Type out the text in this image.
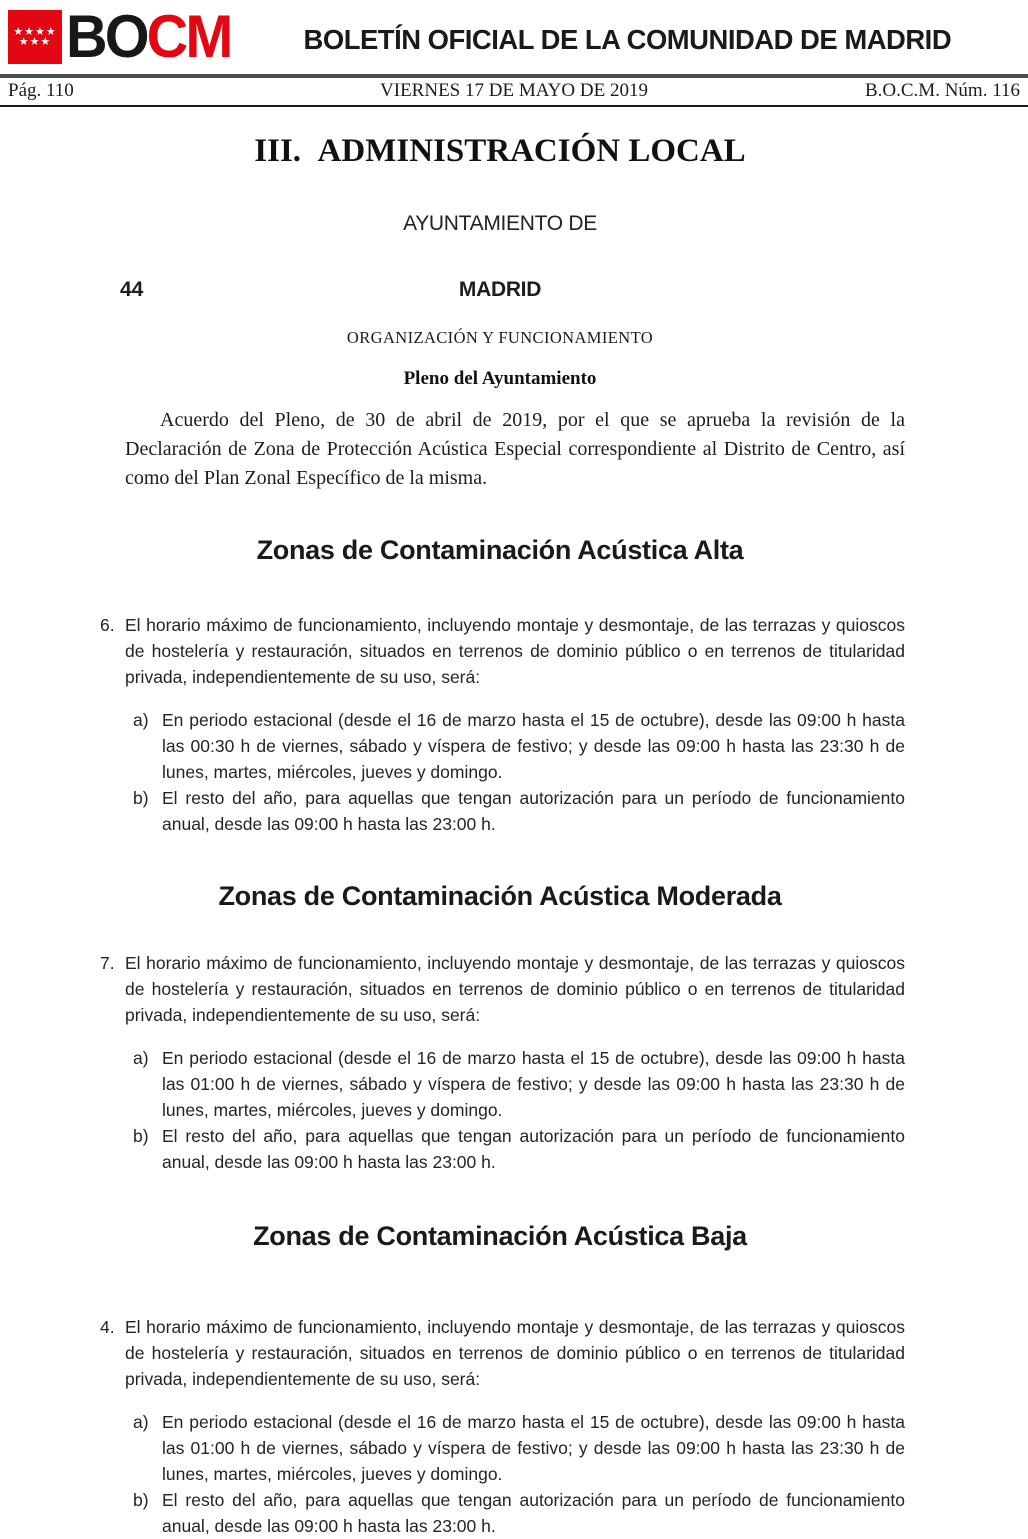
★★★★
★★★ BOCM	BOLETÍN OFICIAL DE LA COMUNIDAD DE MADRID
Pág. 110	VIERNES 17 DE MAYO DE 2019	B.O.C.M. Núm. 116
III. ADMINISTRACIÓN LOCAL
AYUNTAMIENTO DE
44	MADRID
ORGANIZACIÓN Y FUNCIONAMIENTO
Pleno del Ayuntamiento

Acuerdo del Pleno, de 30 de abril de 2019, por el que se aprueba la revisión de la Declaración de Zona de Protección Acústica Especial correspondiente al Distrito de Centro, así como del Plan Zonal Específico de la misma.

Zonas de Contaminación Acústica Alta
6. El horario máximo de funcionamiento, incluyendo montaje y desmontaje, de las terrazas y quioscos de hostelería y restauración, situados en terrenos de dominio público o en terrenos de titularidad privada, independientemente de su uso, será:

a) En periodo estacional (desde el 16 de marzo hasta el 15 de octubre), desde las 09:00 h hasta las 00:30 h de viernes, sábado y víspera de festivo; y desde las 09:00 h hasta las 23:30 h de lunes, martes, miércoles, jueves y domingo.

b) El resto del año, para aquellas que tengan autorización para un período de funcionamiento anual, desde las 09:00 h hasta las 23:00 h.

Zonas de Contaminación Acústica Moderada
7. El horario máximo de funcionamiento, incluyendo montaje y desmontaje, de las terrazas y quioscos de hostelería y restauración, situados en terrenos de dominio público o en terrenos de titularidad privada, independientemente de su uso, será:

a) En periodo estacional (desde el 16 de marzo hasta el 15 de octubre), desde las 09:00 h hasta las 01:00 h de viernes, sábado y víspera de festivo; y desde las 09:00 h hasta las 23:30 h de lunes, martes, miércoles, jueves y domingo.

b) El resto del año, para aquellas que tengan autorización para un período de funcionamiento anual, desde las 09:00 h hasta las 23:00 h.

Zonas de Contaminación Acústica Baja
4. El horario máximo de funcionamiento, incluyendo montaje y desmontaje, de las terrazas y quioscos de hostelería y restauración, situados en terrenos de dominio público o en terrenos de titularidad privada, independientemente de su uso, será:

a) En periodo estacional (desde el 16 de marzo hasta el 15 de octubre), desde las 09:00 h hasta las 01:00 h de viernes, sábado y víspera de festivo; y desde las 09:00 h hasta las 23:30 h de lunes, martes, miércoles, jueves y domingo.

b) El resto del año, para aquellas que tengan autorización para un período de funcionamiento anual, desde las 09:00 h hasta las 23:00 h.
